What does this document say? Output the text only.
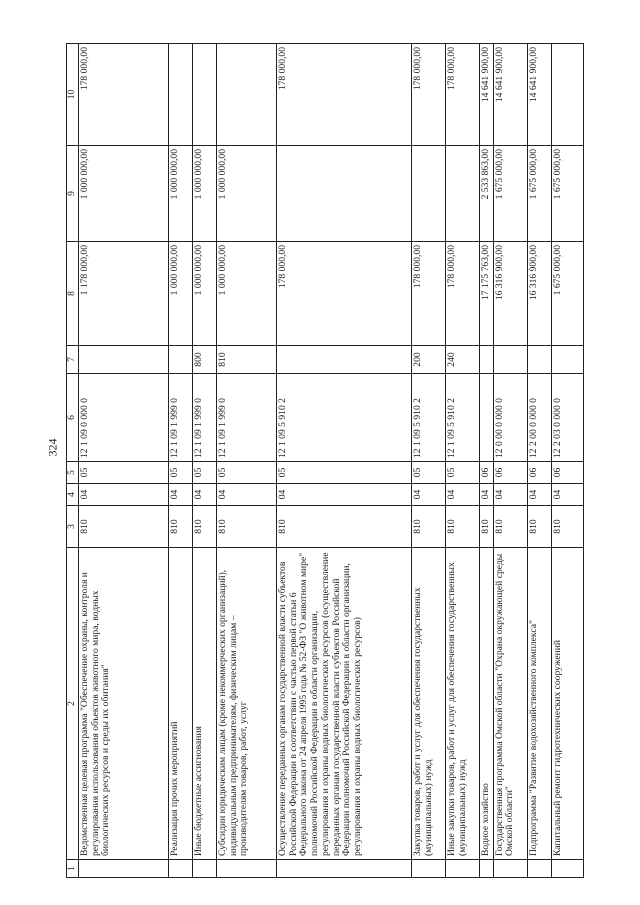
324
1	2	3	4	5	6	7	8	9	10
	Ведомственная целевая программа "Обеспечение охраны, контроля и регулирования использования объектов животного мира, водных биологических ресурсов и среды их обитания"	810	04	05	12 1 09 0 000 0		1 178 000,00	1 000 000,00	178 000,00
	Реализация прочих мероприятий	810	04	05	12 1 09 1 999 0		1 000 000,00	1 000 000,00	
	Иные бюджетные ассигнования	810	04	05	12 1 09 1 999 0	800	1 000 000,00	1 000 000,00	
	Субсидии юридическим лицам (кроме некоммерческих организаций), индивидуальным предпринимателям, физическим лицам – производителям товаров, работ, услуг	810	04	05	12 1 09 1 999 0	810	1 000 000,00	1 000 000,00	
	Осуществление переданных органам государственной власти субъектов Российской Федерации в соответствии с частью первой статьи 6 Федерального закона от 24 апреля 1995 года № 52-ФЗ "О животном мире" полномочий Российской Федерации в области организации, регулирования и охраны водных биологических ресурсов (осуществление переданных органам государственной власти субъектов Российской Федерации полномочий Российской Федерации в области организации, регулирования и охраны водных биологических ресурсов)	810	04	05	12 1 09 5 910 2		178 000,00		178 000,00
	Закупка товаров, работ и услуг для обеспечения государственных (муниципальных) нужд	810	04	05	12 1 09 5 910 2	200	178 000,00		178 000,00
	Иные закупки товаров, работ и услуг для обеспечения государственных (муниципальных) нужд	810	04	05	12 1 09 5 910 2	240	178 000,00		178 000,00
	Водное хозяйство	810	04	06			17 175 763,00	2 533 863,00	14 641 900,00
	Государственная программа Омской области "Охрана окружающей среды Омской области"	810	04	06	12 0 00 0 000 0		16 316 900,00	1 675 000,00	14 641 900,00
	Подпрограмма "Развитие водохозяйственного комплекса"	810	04	06	12 2 00 0 000 0		16 316 900,00	1 675 000,00	14 641 900,00
	Капитальный ремонт гидротехнических сооружений	810	04	06	12 2 03 0 000 0		1 675 000,00	1 675 000,00	
